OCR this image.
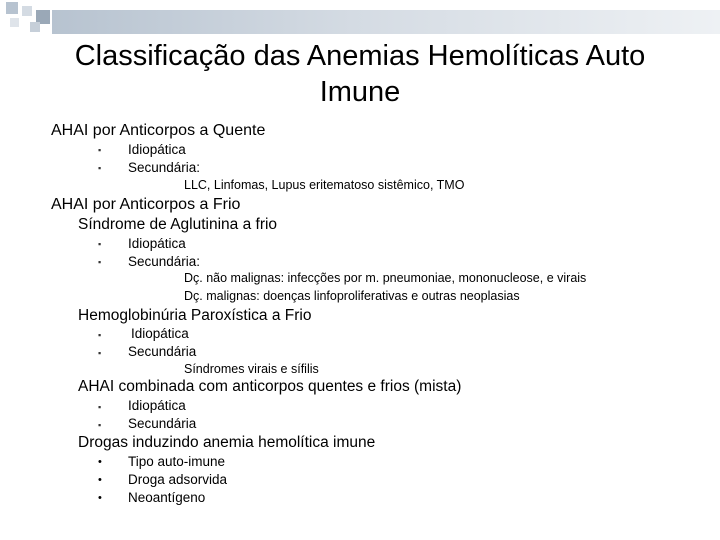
Classificação das Anemias Hemolíticas Auto
Imune
AHAI por Anticorpos a Quente
▪ Idiopática
▪ Secundária:
LLC, Linfomas, Lupus eritematoso sistêmico, TMO
AHAI por Anticorpos a Frio
Síndrome de Aglutinina a frio
▪ Idiopática
▪ Secundária:
Dç. não malignas: infecções por m. pneumoniae, mononucleose, e virais
Dç. malignas: doenças linfoproliferativas e outras neoplasias
Hemoglobinúria Paroxística a Frio
▪ Idiopática
▪ Secundária
Síndromes virais e sífilis
AHAI combinada com anticorpos quentes e frios (mista)
▪ Idiopática
▪ Secundária
Drogas induzindo anemia hemolítica imune
• Tipo auto-imune
• Droga adsorvida
• Neoantígeno
